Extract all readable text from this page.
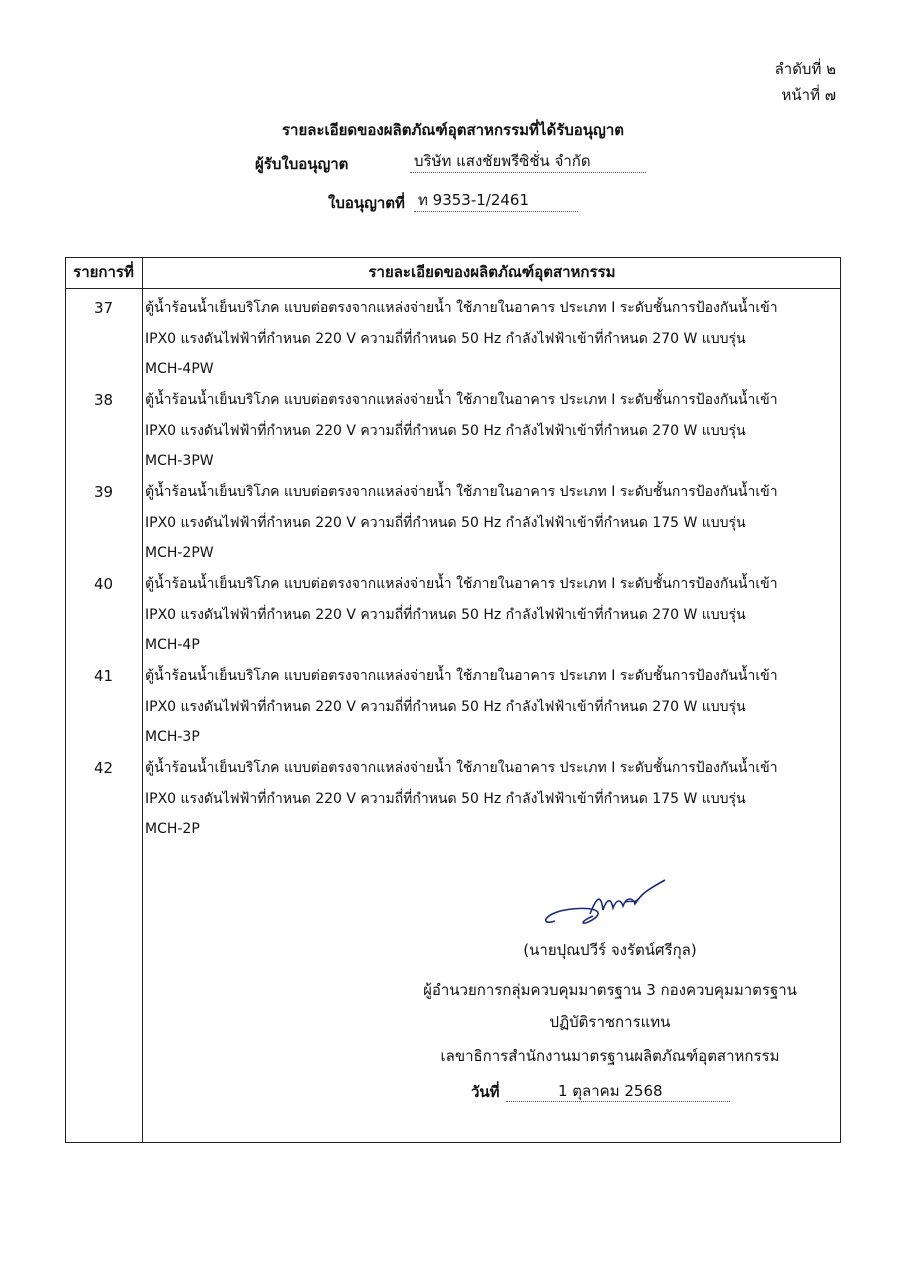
ลำดับที่ ๒
หน้าที่ ๗
รายละเอียดของผลิตภัณฑ์อุตสาหกรรมที่ได้รับอนุญาต
ผู้รับใบอนุญาต	บริษัท แสงชัยพรีซิชั่น จำกัด
ใบอนุญาตที่ ท 9353-1/2461
รายการที่	รายละเอียดของผลิตภัณฑ์อุตสาหกรรม
37	ตู้น้ำร้อนน้ำเย็นบริโภค แบบต่อตรงจากแหล่งจ่ายน้ำ ใช้ภายในอาคาร ประเภท I ระดับชั้นการป้องกันน้ำเข้า
IPX0 แรงดันไฟฟ้าที่กำหนด 220 V ความถี่ที่กำหนด 50 Hz กำลังไฟฟ้าเข้าที่กำหนด 270 W แบบรุ่น
MCH-4PW
38	ตู้น้ำร้อนน้ำเย็นบริโภค แบบต่อตรงจากแหล่งจ่ายน้ำ ใช้ภายในอาคาร ประเภท I ระดับชั้นการป้องกันน้ำเข้า
IPX0 แรงดันไฟฟ้าที่กำหนด 220 V ความถี่ที่กำหนด 50 Hz กำลังไฟฟ้าเข้าที่กำหนด 270 W แบบรุ่น
MCH-3PW
39	ตู้น้ำร้อนน้ำเย็นบริโภค แบบต่อตรงจากแหล่งจ่ายน้ำ ใช้ภายในอาคาร ประเภท I ระดับชั้นการป้องกันน้ำเข้า
IPX0 แรงดันไฟฟ้าที่กำหนด 220 V ความถี่ที่กำหนด 50 Hz กำลังไฟฟ้าเข้าที่กำหนด 175 W แบบรุ่น
MCH-2PW
40	ตู้น้ำร้อนน้ำเย็นบริโภค แบบต่อตรงจากแหล่งจ่ายน้ำ ใช้ภายในอาคาร ประเภท I ระดับชั้นการป้องกันน้ำเข้า
IPX0 แรงดันไฟฟ้าที่กำหนด 220 V ความถี่ที่กำหนด 50 Hz กำลังไฟฟ้าเข้าที่กำหนด 270 W แบบรุ่น
MCH-4P
41	ตู้น้ำร้อนน้ำเย็นบริโภค แบบต่อตรงจากแหล่งจ่ายน้ำ ใช้ภายในอาคาร ประเภท I ระดับชั้นการป้องกันน้ำเข้า
IPX0 แรงดันไฟฟ้าที่กำหนด 220 V ความถี่ที่กำหนด 50 Hz กำลังไฟฟ้าเข้าที่กำหนด 270 W แบบรุ่น
MCH-3P
42	ตู้น้ำร้อนน้ำเย็นบริโภค แบบต่อตรงจากแหล่งจ่ายน้ำ ใช้ภายในอาคาร ประเภท I ระดับชั้นการป้องกันน้ำเข้า
IPX0 แรงดันไฟฟ้าที่กำหนด 220 V ความถี่ที่กำหนด 50 Hz กำลังไฟฟ้าเข้าที่กำหนด 175 W แบบรุ่น
MCH-2P
(นายปุณปวีร์ จงรัตน์ศรีกุล)
ผู้อำนวยการกลุ่มควบคุมมาตรฐาน 3 กองควบคุมมาตรฐาน
ปฏิบัติราชการแทน
เลขาธิการสำนักงานมาตรฐานผลิตภัณฑ์อุตสาหกรรม
วันที่	1 ตุลาคม 2568
